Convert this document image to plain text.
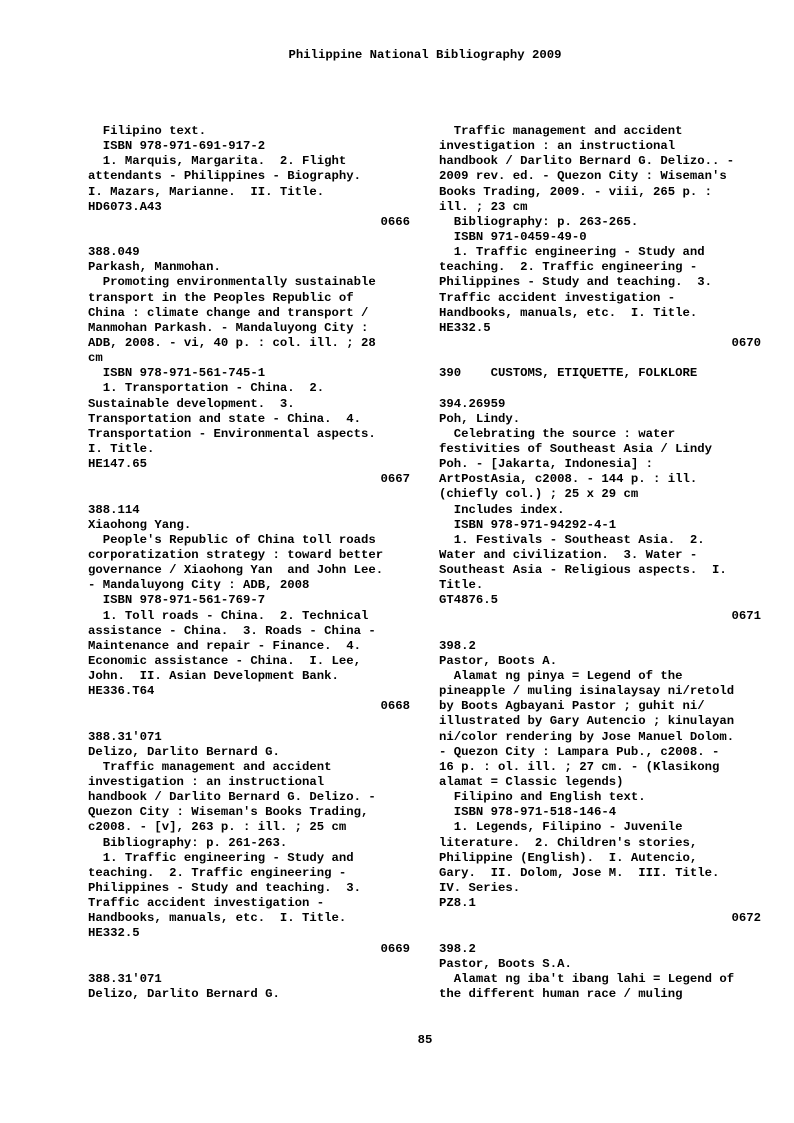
Philippine National Bibliography 2009
Filipino text.
ISBN 978-971-691-917-2
1. Marquis, Margarita.  2. Flight
attendants - Philippines - Biography.
I. Mazars, Marianne.  II. Title.
HD6073.A43
0666
388.049
Parkash, Manmohan.
Promoting environmentally sustainable
transport in the Peoples Republic of
China : climate change and transport /
Manmohan Parkash. - Mandaluyong City :
ADB, 2008. - vi, 40 p. : col. ill. ; 28
cm
ISBN 978-971-561-745-1
1. Transportation - China.  2.
Sustainable development.  3.
Transportation and state - China.  4.
Transportation - Environmental aspects.
I. Title.
HE147.65
0667
388.114
Xiaohong Yang.
People's Republic of China toll roads
corporatization strategy : toward better
governance / Xiaohong Yan  and John Lee.
- Mandaluyong City : ADB, 2008
ISBN 978-971-561-769-7
1. Toll roads - China.  2. Technical
assistance - China.  3. Roads - China -
Maintenance and repair - Finance.  4.
Economic assistance - China.  I. Lee,
John.  II. Asian Development Bank.
HE336.T64
0668
388.31'071
Delizo, Darlito Bernard G.
Traffic management and accident
investigation : an instructional
handbook / Darlito Bernard G. Delizo. -
Quezon City : Wiseman's Books Trading,
c2008. - [v], 263 p. : ill. ; 25 cm
Bibliography: p. 261-263.
1. Traffic engineering - Study and
teaching.  2. Traffic engineering -
Philippines - Study and teaching.  3.
Traffic accident investigation -
Handbooks, manuals, etc.  I. Title.
HE332.5
0669
388.31'071
Delizo, Darlito Bernard G.
Traffic management and accident
investigation : an instructional
handbook / Darlito Bernard G. Delizo.. -
2009 rev. ed. - Quezon City : Wiseman's
Books Trading, 2009. - viii, 265 p. :
ill. ; 23 cm
Bibliography: p. 263-265.
ISBN 971-0459-49-0
1. Traffic engineering - Study and
teaching.  2. Traffic engineering -
Philippines - Study and teaching.  3.
Traffic accident investigation -
Handbooks, manuals, etc.  I. Title.
HE332.5
0670
390    CUSTOMS, ETIQUETTE, FOLKLORE
394.26959
Poh, Lindy.
Celebrating the source : water
festivities of Southeast Asia / Lindy
Poh. - [Jakarta, Indonesia] :
ArtPostAsia, c2008. - 144 p. : ill.
(chiefly col.) ; 25 x 29 cm
Includes index.
ISBN 978-971-94292-4-1
1. Festivals - Southeast Asia.  2.
Water and civilization.  3. Water -
Southeast Asia - Religious aspects.  I.
Title.
GT4876.5
0671
398.2
Pastor, Boots A.
Alamat ng pinya = Legend of the
pineapple / muling isinalaysay ni/retold
by Boots Agbayani Pastor ; guhit ni/
illustrated by Gary Autencio ; kinulayan
ni/color rendering by Jose Manuel Dolom.
- Quezon City : Lampara Pub., c2008. -
16 p. : ol. ill. ; 27 cm. - (Klasikong
alamat = Classic legends)
Filipino and English text.
ISBN 978-971-518-146-4
1. Legends, Filipino - Juvenile
literature.  2. Children's stories,
Philippine (English).  I. Autencio,
Gary.  II. Dolom, Jose M.  III. Title.
IV. Series.
PZ8.1
0672
398.2
Pastor, Boots S.A.
Alamat ng iba't ibang lahi = Legend of
the different human race / muling
85
